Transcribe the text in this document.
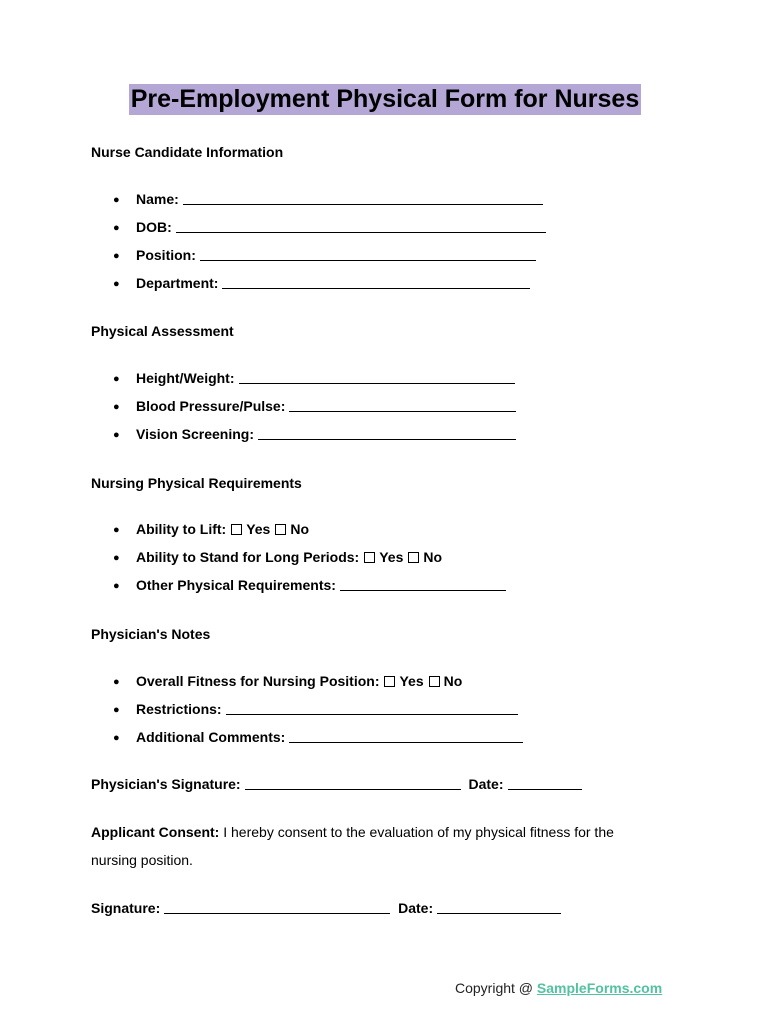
Pre-Employment Physical Form for Nurses
Nurse Candidate Information
● Name:
● DOB:
● Position:
● Department:
Physical Assessment
● Height/Weight:
● Blood Pressure/Pulse:
● Vision Screening:
Nursing Physical Requirements
● Ability to Lift: Yes No
● Ability to Stand for Long Periods: Yes No
● Other Physical Requirements:
Physician's Notes
● Overall Fitness for Nursing Position: Yes No
● Restrictions:
● Additional Comments:
Physician's Signature:	Date:
Applicant Consent: I hereby consent to the evaluation of my physical fitness for the
nursing position.
Signature:	Date:
Copyright @ SampleForms.com
